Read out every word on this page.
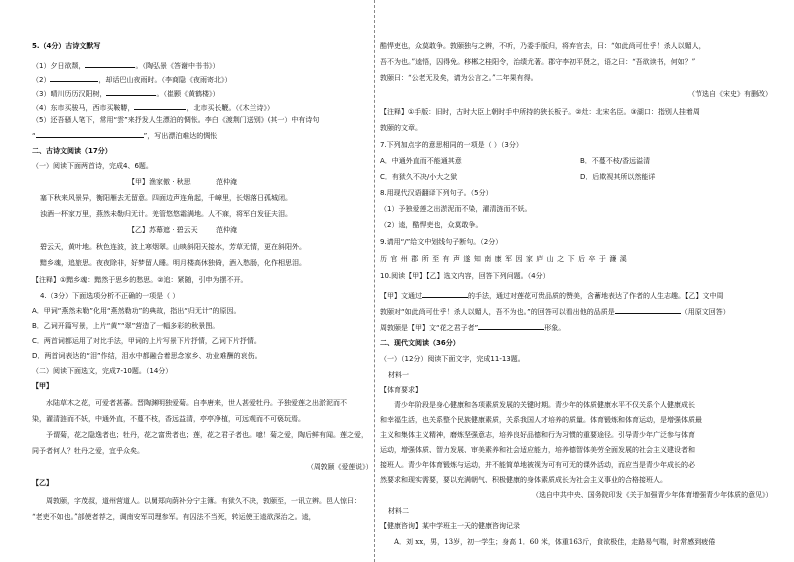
5.（4分）古诗文默写
（1）夕日欲颓，	。（陶弘景《答谢中书书》）
（2）	，却话巴山夜雨时。（李商隐《夜雨寄北》）
（3）晴川历历汉阳树，	。（崔颢《黄鹤楼》）
（4）东市买骏马，西市买鞍鞯，	，北市买长鞭。（《木兰诗》）
（5）还吾骚人笔下，常用“雲”来抒发人生漂泊的惆怅。李白《渡荆门送别》(其一）中有诗句
“	”，写出漂泊难达的惆怅
二、古诗文阅读（17分）
（一）阅读下面两首诗，完成4、6题。
【甲】渔家傲 · 秋思	范仲淹
塞下秋来风景异，衡阳雁去无留意。四面边声连角起，千嶂里，长烟落日孤城闭。
浊酒一杯家万里，燕然未勒归无计。羌管悠悠霜满地。人不寐，将军白发征夫泪。
【乙】苏幕遮 · 碧云天	范仲淹
碧云天，黄叶地。秋色连波，波上寒烟翠。山映斜阳天接水，芳草无情，更在斜阳外。
黯乡魂，追旅思。夜夜除非，好梦留人睡。明月楼高休独倚，酒入愁肠，化作相思泪。
【注释】①黯乡魂：黯然于思乡的愁思。②追：紧随，引申为摆不开。
4.（3分）下面选项分析不正确的一项是（ ）
A．甲词“燕然未勒”化用“燕然勒功”的典故，指出“归无计”的原因。
B．乙词开篇写景，上片“黄”“翠”营造了一幅多彩的秋景图。
C．两首词都运用了对比手法，甲词的上片写景下片抒情，乙词下片抒情。
D．两首词表达的“泪”作结，泪水中都融合着思念家乡、功业难酬的哀伤。
（二）阅读下面选文，完成7-10题。（14分）
【甲】
水陆草木之花，可爱者甚蕃。晋陶渊明独爱菊。自李唐来，世人甚爱牡丹。予独爱莲之出淤泥而不
染，濯清涟而不妖，中通外直，不蔓不枝，香远益清，亭亭净植，可远观而不可亵玩焉。
予谓菊，花之隐逸者也；牡丹，花之富贵者也；莲，花之君子者也。噫！菊之爱，陶后鲜有闻。莲之爱，
同予者何人？牡丹之爱，宜乎众矣。
（周敦颐《爱莲说》）
【乙】
周敦颐，字茂叔，道州营道人。以舅郑向荫补分宁主簿。有狱久不决，敦颐至，一讯立辨。邑人惊曰：
“老吏不如也。”部使者荐之，调南安军司理参军。有囚法不当死，转运使王逵欲深治之。逵，
酷悍吏也，众莫敢争。敦颐独与之辨，不听，乃委手版归，将弃官去，曰：“如此尚可仕乎！杀人以媚人，
吾不为也。”逵悟，囚得免。移郴之桂阳令，治绩尤著。郡守李初平贤之，语之曰：“吾欲读书，何如？”
敦颐曰：“公老无及矣，请为公言之。”二年果有得。
（节选自《宋史》有删改）
【注释】①手版：旧时，古时大臣上朝时手中所持的狭长板子。②灶：北宋名臣。③湖口：指别人挂着周
敦颐的文章。
7.下列加点字的意思相同的一项是（ ）（3分）
A．中通外直而不能通其意	B．不蔓不枝/香远溢清
C．有狱久不决/小大之狱	D．后欺视其所以然能详
8.用现代汉语翻译下列句子。（5分）
（1）予独爱莲之出淤泥而不染，濯清涟而不妖。
（2）逵，酷悍吏也，众莫敢争。
9.请用“/”给文中划线句子断句。（2分）
历 官 州 郡 所 至 有 声 遂 知 南 康 军 因 家 庐 山 之 下 后 卒 于 濂 溪
10.阅读【甲】【乙】选文内容，回答下列问题。（4分）
【甲】文通过	的手法，通过对莲花可贵品质的赞美，含蓄地表达了作者的人生志趣。【乙】文中周
敦颐对“如此尚可仕乎！杀人以媚人，吾不为也。”的回答可以看出他的品质是	（用原文回答）
周敦颐是【甲】文“花之君子者”	形象。
二、现代文阅读（36分）
（一）（12分）阅读下面文字，完成11-13题。
材料一
【体育要求】
青少年阶段是身心健康和各项素质发展的关键时期。青少年的体质健康水平不仅关系个人健康成长
和幸福生活，也关系整个民族健康素质，关系我国人才培养的质量。体育锻炼和体育运动，是增强体质最
主义和集体主义精神，磨炼坚强意志，培养良好品德和行为习惯的重要途径。引导青少年广泛参与体育
运动，增强体质、智力发展、审美素养和社会适应能力，培养德智体美劳全面发展的社会主义建设者和
接班人。青少年体育锻炼与运动，并不能简单地被视为可有可无的课外活动，而应当是青少年成长的必
然要求和现实需要，要以充满朝气、积极健康的身体素质成长为社会主义事业的合格接班人。
（选自中共中央、国务院印发《关于加强青少年体育增强青少年体质的意见》）
材料二
【健康咨询】某中学班主一天的健康咨询记录
A．刘 xx，男，13岁，初一学生；身高 1．60 米，体重163斤，食欲极佳，走路易气喘，时常感到疲倦
